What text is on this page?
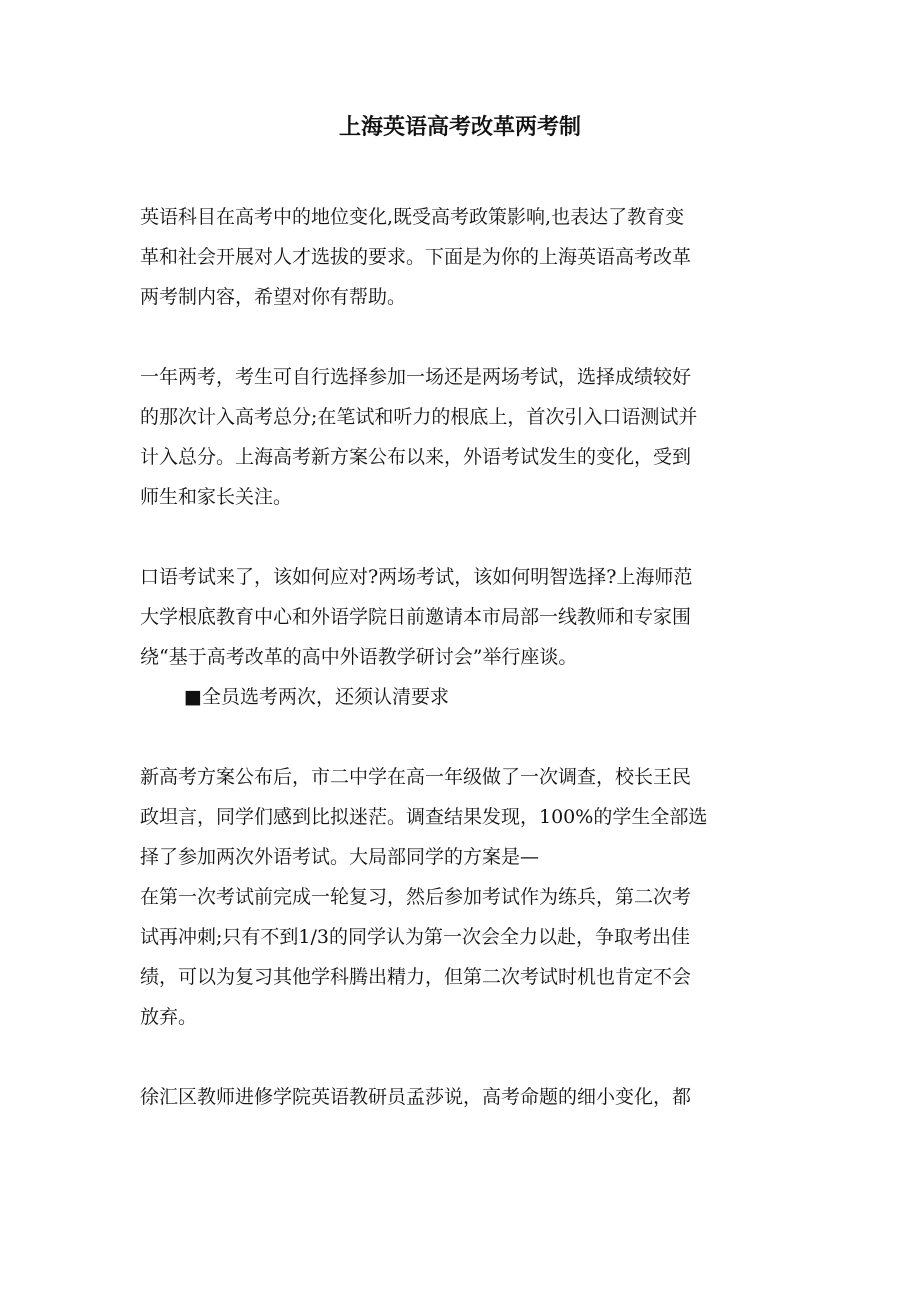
上海英语高考改革两考制

英语科目在高考中的地位变化,既受高考政策影响,也表达了教育变
革和社会开展对人才选拔的要求。下面是为你的上海英语高考改革
两考制内容，希望对你有帮助。

一年两考，考生可自行选择参加一场还是两场考试，选择成绩较好
的那次计入高考总分;在笔试和听力的根底上，首次引入口语测试并
计入总分。上海高考新方案公布以来，外语考试发生的变化，受到
师生和家长关注。

口语考试来了，该如何应对?两场考试，该如何明智选择?上海师范
大学根底教育中心和外语学院日前邀请本市局部一线教师和专家围
绕“基于高考改革的高中外语教学研讨会”举行座谈。

■全员选考两次，还须认清要求

新高考方案公布后，市二中学在高一年级做了一次调查，校长王民
政坦言，同学们感到比拟迷茫。调查结果发现，100%的学生全部选
择了参加两次外语考试。大局部同学的方案是—
在第一次考试前完成一轮复习，然后参加考试作为练兵，第二次考
试再冲刺;只有不到1/3的同学认为第一次会全力以赴，争取考出佳
绩，可以为复习其他学科腾出精力，但第二次考试时机也肯定不会
放弃。

徐汇区教师进修学院英语教研员孟莎说，高考命题的细小变化，都
